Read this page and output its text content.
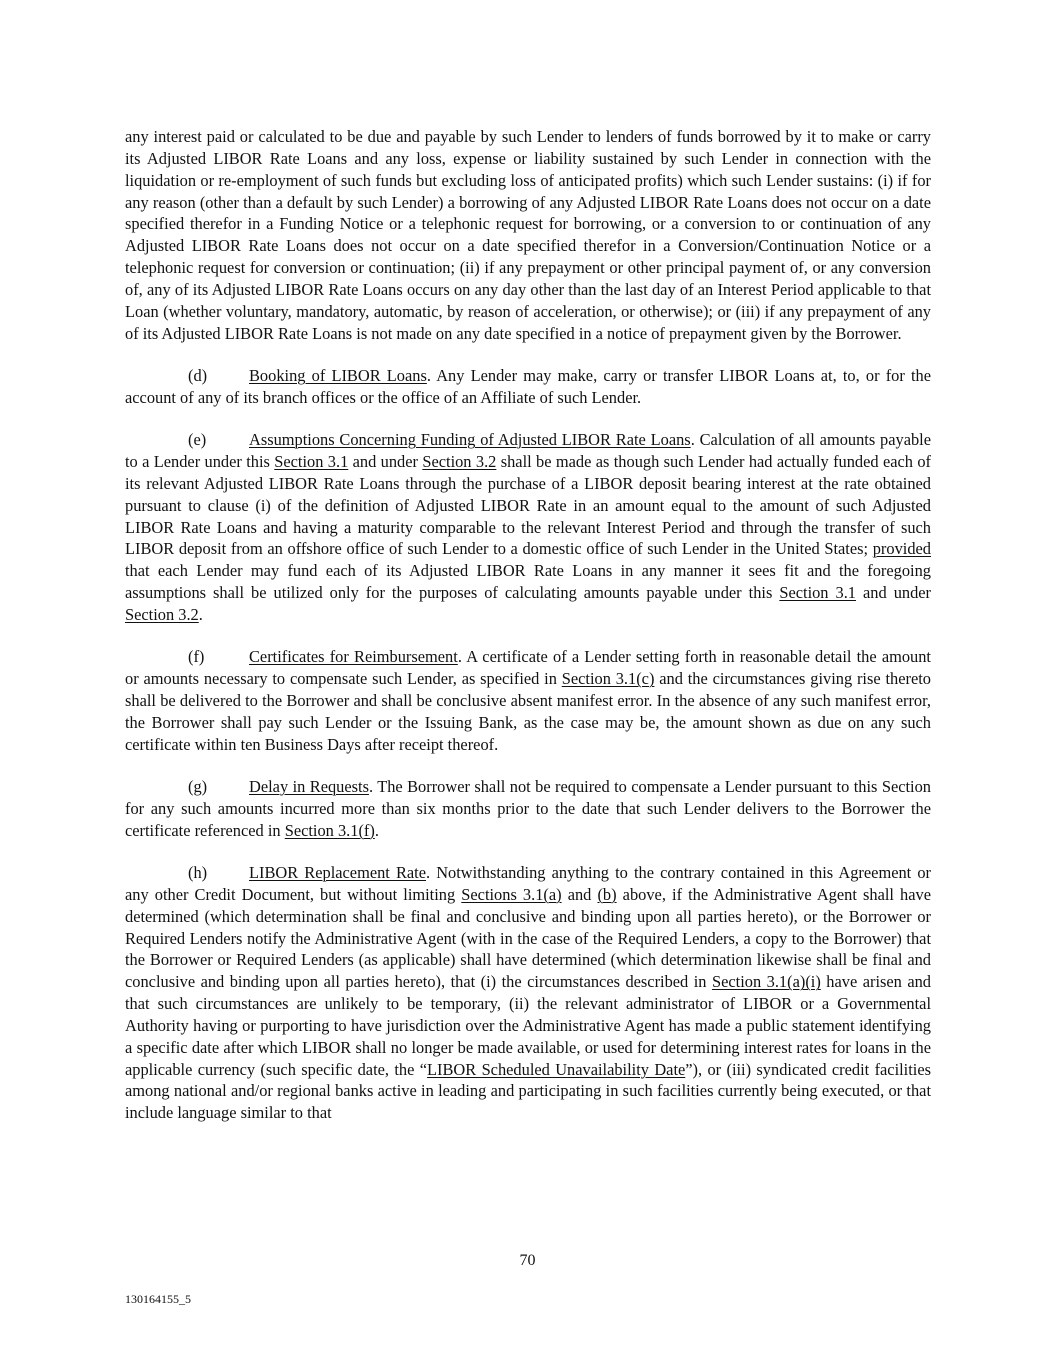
any interest paid or calculated to be due and payable by such Lender to lenders of funds borrowed by it to make or carry its Adjusted LIBOR Rate Loans and any loss, expense or liability sustained by such Lender in connection with the liquidation or re-employment of such funds but excluding loss of anticipated profits) which such Lender sustains: (i) if for any reason (other than a default by such Lender) a borrowing of any Adjusted LIBOR Rate Loans does not occur on a date specified therefor in a Funding Notice or a telephonic request for borrowing, or a conversion to or continuation of any Adjusted LIBOR Rate Loans does not occur on a date specified therefor in a Conversion/Continuation Notice or a telephonic request for conversion or continuation; (ii) if any prepayment or other principal payment of, or any conversion of, any of its Adjusted LIBOR Rate Loans occurs on any day other than the last day of an Interest Period applicable to that Loan (whether voluntary, mandatory, automatic, by reason of acceleration, or otherwise); or (iii) if any prepayment of any of its Adjusted LIBOR Rate Loans is not made on any date specified in a notice of prepayment given by the Borrower.

(d)	Booking of LIBOR Loans. Any Lender may make, carry or transfer LIBOR Loans at, to, or for the account of any of its branch offices or the office of an Affiliate of such Lender.

(e)	Assumptions Concerning Funding of Adjusted LIBOR Rate Loans. Calculation of all amounts payable to a Lender under this Section 3.1 and under Section 3.2 shall be made as though such Lender had actually funded each of its relevant Adjusted LIBOR Rate Loans through the purchase of a LIBOR deposit bearing interest at the rate obtained pursuant to clause (i) of the definition of Adjusted LIBOR Rate in an amount equal to the amount of such Adjusted LIBOR Rate Loans and having a maturity comparable to the relevant Interest Period and through the transfer of such LIBOR deposit from an offshore office of such Lender to a domestic office of such Lender in the United States; provided that each Lender may fund each of its Adjusted LIBOR Rate Loans in any manner it sees fit and the foregoing assumptions shall be utilized only for the purposes of calculating amounts payable under this Section 3.1 and under Section 3.2.

(f)	Certificates for Reimbursement. A certificate of a Lender setting forth in reasonable detail the amount or amounts necessary to compensate such Lender, as specified in Section 3.1(c) and the circumstances giving rise thereto shall be delivered to the Borrower and shall be conclusive absent manifest error. In the absence of any such manifest error, the Borrower shall pay such Lender or the Issuing Bank, as the case may be, the amount shown as due on any such certificate within ten Business Days after receipt thereof.

(g)	Delay in Requests. The Borrower shall not be required to compensate a Lender pursuant to this Section for any such amounts incurred more than six months prior to the date that such Lender delivers to the Borrower the certificate referenced in Section 3.1(f).

(h)	LIBOR Replacement Rate. Notwithstanding anything to the contrary contained in this Agreement or any other Credit Document, but without limiting Sections 3.1(a) and (b) above, if the Administrative Agent shall have determined (which determination shall be final and conclusive and binding upon all parties hereto), or the Borrower or Required Lenders notify the Administrative Agent (with in the case of the Required Lenders, a copy to the Borrower) that the Borrower or Required Lenders (as applicable) shall have determined (which determination likewise shall be final and conclusive and binding upon all parties hereto), that (i) the circumstances described in Section 3.1(a)(i) have arisen and that such circumstances are unlikely to be temporary, (ii) the relevant administrator of LIBOR or a Governmental Authority having or purporting to have jurisdiction over the Administrative Agent has made a public statement identifying a specific date after which LIBOR shall no longer be made available, or used for determining interest rates for loans in the applicable currency (such specific date, the “LIBOR Scheduled Unavailability Date”), or (iii) syndicated credit facilities among national and/or regional banks active in leading and participating in such facilities currently being executed, or that include language similar to that

70
130164155_5
